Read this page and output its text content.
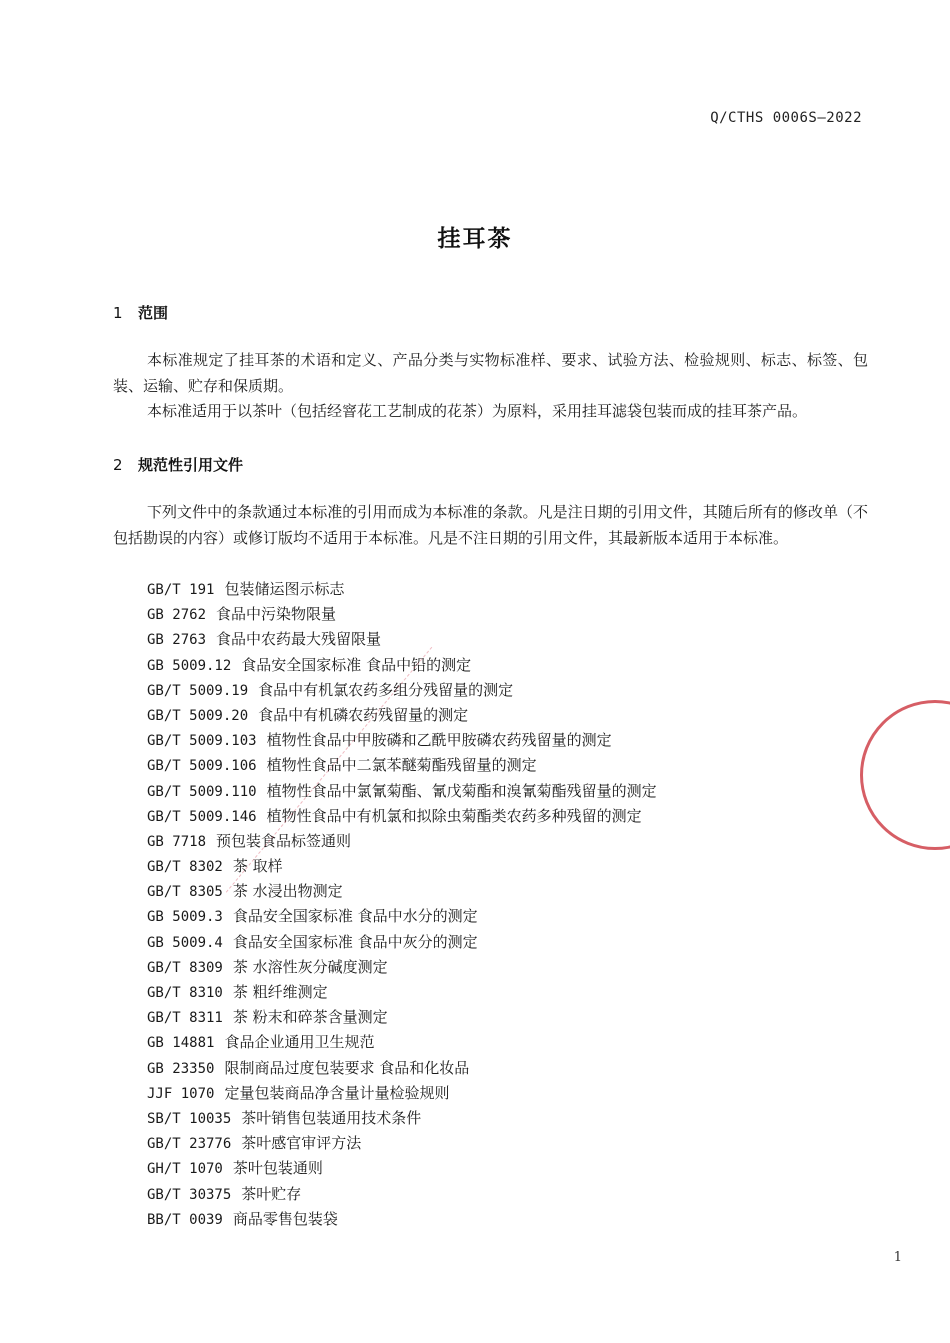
Q/CTHS 0006S—2022
挂耳茶
1 范围
本标准规定了挂耳茶的术语和定义、产品分类与实物标准样、要求、试验方法、检验规则、标志、标签、包装、运输、贮存和保质期。
本标准适用于以茶叶（包括经窨花工艺制成的花茶）为原料，采用挂耳滤袋包装而成的挂耳茶产品。
2 规范性引用文件
下列文件中的条款通过本标准的引用而成为本标准的条款。凡是注日期的引用文件，其随后所有的修改单（不包括勘误的内容）或修订版均不适用于本标准。凡是不注日期的引用文件，其最新版本适用于本标准。
GB/T 191 包装储运图示标志
GB 2762 食品中污染物限量
GB 2763 食品中农药最大残留限量
GB 5009.12 食品安全国家标准 食品中铅的测定
GB/T 5009.19 食品中有机氯农药多组分残留量的测定
GB/T 5009.20 食品中有机磷农药残留量的测定
GB/T 5009.103 植物性食品中甲胺磷和乙酰甲胺磷农药残留量的测定
GB/T 5009.106 植物性食品中二氯苯醚菊酯残留量的测定
GB/T 5009.110 植物性食品中氯氰菊酯、氰戊菊酯和溴氰菊酯残留量的测定
GB/T 5009.146 植物性食品中有机氯和拟除虫菊酯类农药多种残留的测定
GB 7718 预包装食品标签通则
GB/T 8302 茶 取样
GB/T 8305 茶 水浸出物测定
GB 5009.3 食品安全国家标准 食品中水分的测定
GB 5009.4 食品安全国家标准 食品中灰分的测定
GB/T 8309 茶 水溶性灰分碱度测定
GB/T 8310 茶 粗纤维测定
GB/T 8311 茶 粉末和碎茶含量测定
GB 14881 食品企业通用卫生规范
GB 23350 限制商品过度包装要求 食品和化妆品
JJF 1070 定量包装商品净含量计量检验规则
SB/T 10035 茶叶销售包装通用技术条件
GB/T 23776 茶叶感官审评方法
GH/T 1070 茶叶包装通则
GB/T 30375 茶叶贮存
BB/T 0039 商品零售包装袋
1
